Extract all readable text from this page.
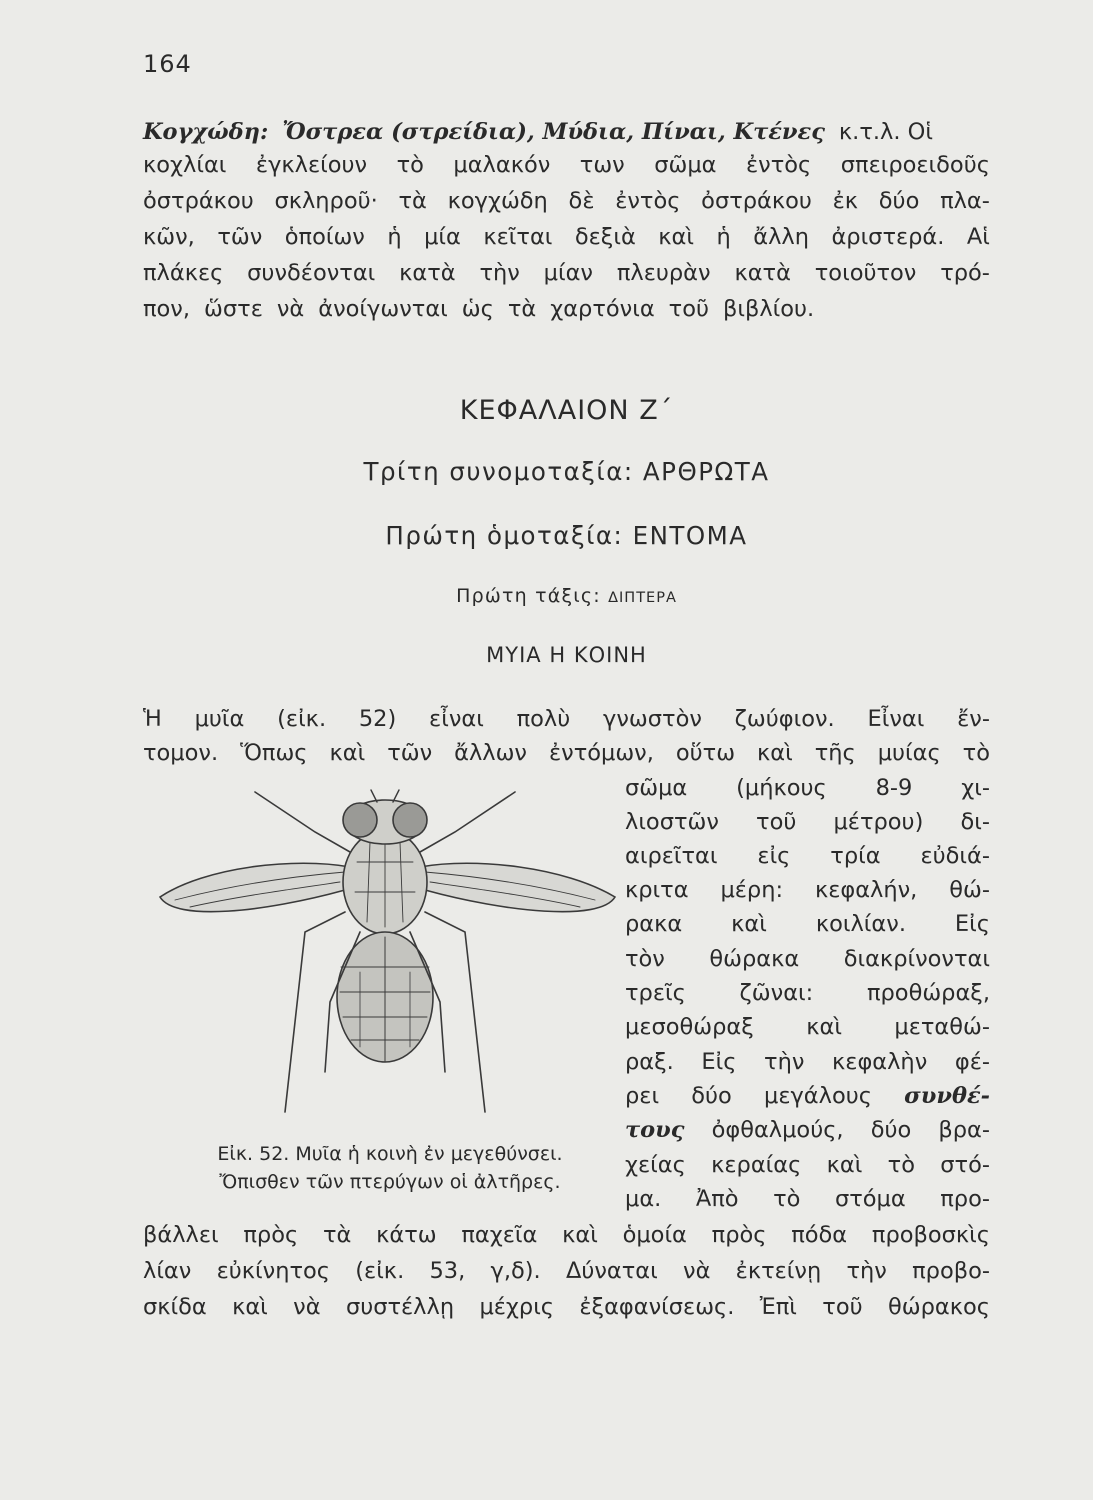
164
Κογχώδη: Ὄστρεα (στρείδια), Μύδια, Πίναι, Κτένες κ.τ.λ. Οἱ
κοχλίαι ἐγκλείουν τὸ μαλακόν των σῶμα ἐντὸς σπειροειδοῦς
ὀστράκου σκληροῦ· τὰ κογχώδη δὲ ἐντὸς ὀστράκου ἐκ δύο πλα-
κῶν, τῶν ὁποίων ἡ μία κεῖται δεξιὰ καὶ ἡ ἄλλη ἀριστερά. Αἱ
πλάκες συνδέονται κατὰ τὴν μίαν πλευρὰν κατὰ τοιοῦτον τρό-
πον, ὥστε νὰ ἀνοίγωνται ὡς τὰ χαρτόνια τοῦ βιβλίου.
ΚΕΦΑΛΑΙΟΝ Ζ΄
Τρίτη συνομοταξία: ΑΡΘΡΩΤΑ
Πρώτη ὁμοταξία: ΕΝΤΟΜΑ
Πρώτη τάξις: ΔΙΠΤΕΡΑ
ΜΥΙΑ Η ΚΟΙΝΗ
Ἡ μυῖα (εἰκ. 52) εἶναι πολὺ γνωστὸν ζωύφιον. Εἶναι ἔν-
τομον. Ὅπως καὶ τῶν ἄλλων ἐντόμων, οὕτω καὶ τῆς μυίας τὸ
σῶμα (μήκους 8-9 χι-
λιοστῶν τοῦ μέτρου) δι-
αιρεῖται εἰς τρία εὐδιά-
κριτα μέρη: κεφαλήν, θώ-
ρακα καὶ κοιλίαν. Εἰς
τὸν θώρακα διακρίνονται
τρεῖς ζῶναι: προθώραξ,
μεσοθώραξ καὶ μεταθώ-
ραξ. Εἰς τὴν κεφαλὴν φέ-
ρει δύο μεγάλους συνθέ-
τους ὀφθαλμούς, δύο βρα-
χείας κεραίας καὶ τὸ στό-
μα. Ἀπὸ τὸ στόμα προ-
βάλλει πρὸς τὰ κάτω παχεῖα καὶ ὁμοία πρὸς πόδα προβοσκὶς
λίαν εὐκίνητος (εἰκ. 53, γ,δ). Δύναται νὰ ἐκτείνῃ τὴν προβο-
σκίδα καὶ νὰ συστέλλῃ μέχρις ἐξαφανίσεως. Ἐπὶ τοῦ θώρακος
Εἰκ. 52. Μυῖα ἡ κοινὴ ἐν μεγεθύνσει.
Ὄπισθεν τῶν πτερύγων οἱ ἀλτῆρες.
